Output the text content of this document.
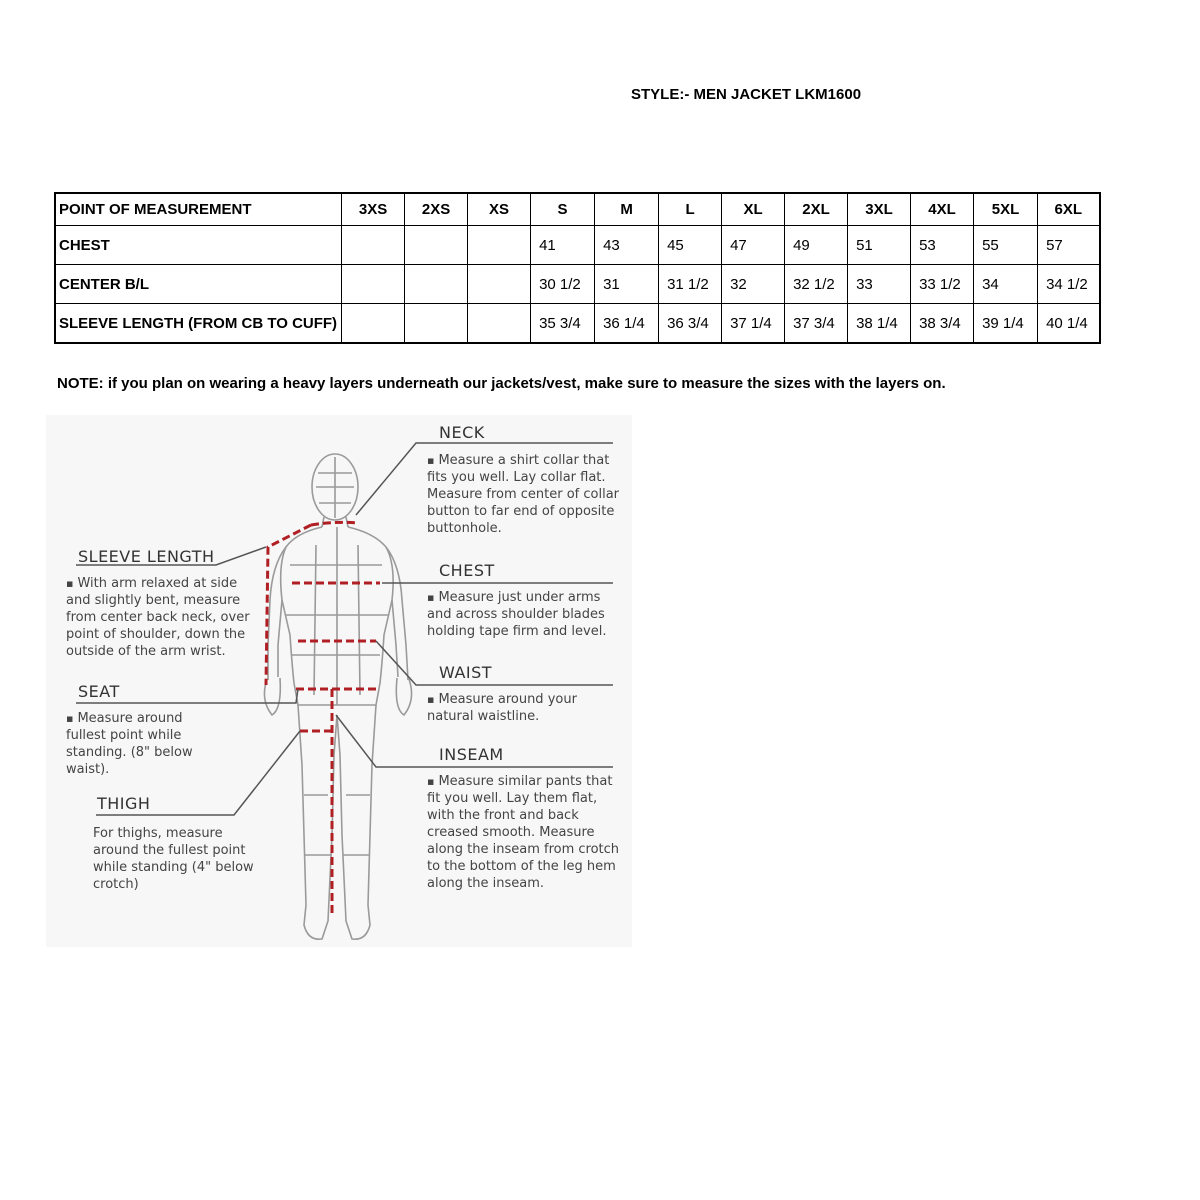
STYLE:- MEN JACKET LKM1600
POINT OF MEASUREMENT	3XS	2XS	XS	S	M	L	XL	2XL	3XL	4XL	5XL	6XL
CHEST				41	43	45	47	49	51	53	55	57
CENTER B/L				30 1/2	31	31 1/2	32	32 1/2	33	33 1/2	34	34 1/2
SLEEVE LENGTH (FROM CB TO CUFF)				35 3/4	36 1/4	36 3/4	37 1/4	37 3/4	38 1/4	38 3/4	39 1/4	40 1/4
NOTE: if you plan on wearing a heavy layers underneath our jackets/vest, make sure to measure the sizes with the layers on.
NECK
▪ Measure a shirt collar that fits you well. Lay collar flat. Measure from center of collar button to far end of opposite buttonhole.
CHEST
▪ Measure just under arms and across shoulder blades holding tape firm and level.
WAIST
▪ Measure around your natural waistline.
INSEAM
▪ Measure similar pants that fit you well. Lay them flat, with the front and back creased smooth. Measure along the inseam from crotch to the bottom of the leg hem along the inseam.
SLEEVE LENGTH
▪ With arm relaxed at side and slightly bent, measure from center back neck, over point of shoulder, down the outside of the arm wrist.
SEAT
▪ Measure around fullest point while standing. (8" below waist).
THIGH
For thighs, measure around the fullest point while standing (4" below crotch)
